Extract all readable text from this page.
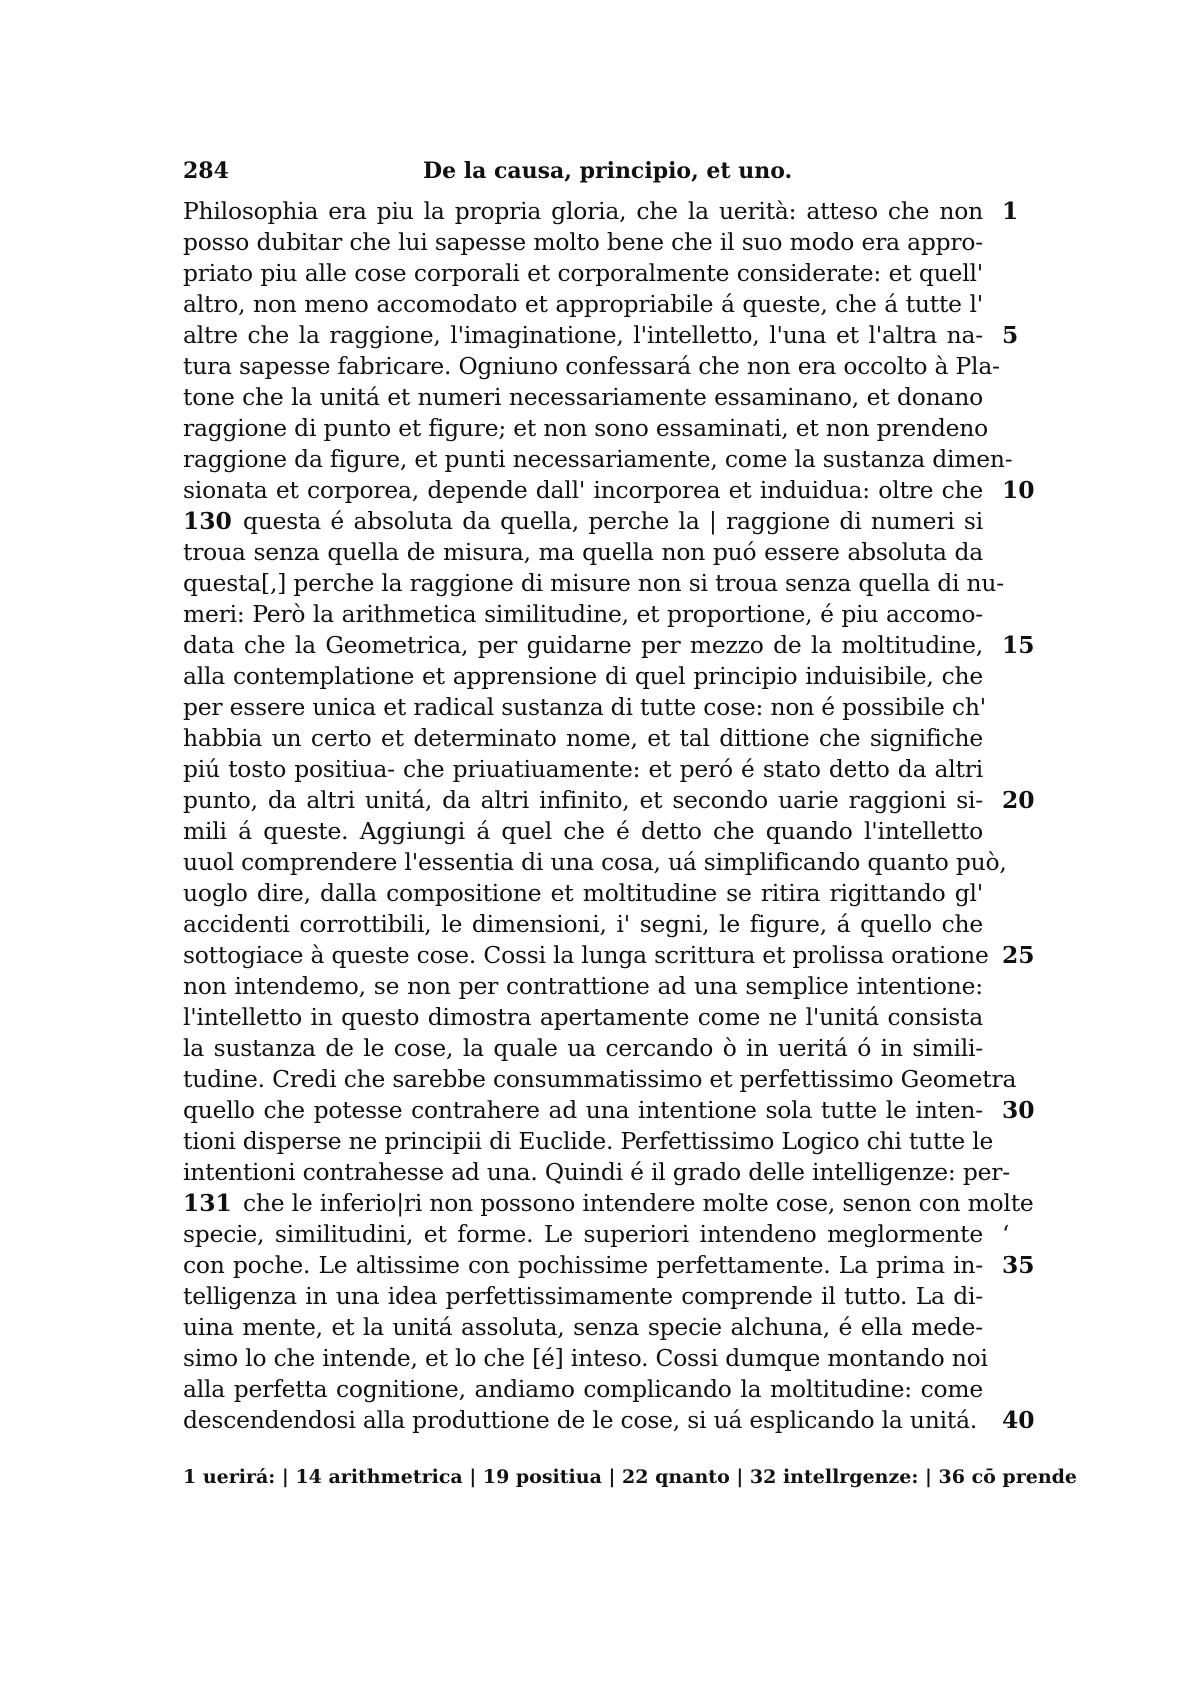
284	De la causa, principio, et uno.
Philosophia era piu la propria gloria, che la uerità: atteso che non
posso dubitar che lui sapesse molto bene che il suo modo era appro-
priato piu alle cose corporali et corporalmente considerate: et quell'
altro, non meno accomodato et appropriabile á queste, che á tutte l'
altre che la raggione, l'imaginatione, l'intelletto, l'una et l'altra na-
tura sapesse fabricare. Ogniuno confessará che non era occolto à Pla-
tone che la unitá et numeri necessariamente essaminano, et donano
raggione di punto et figure; et non sono essaminati, et non prendeno
raggione da figure, et punti necessariamente, come la sustanza dimen-
sionata et corporea, depende dall' incorporea et induidua: oltre che
questa é absoluta da quella, perche la | raggione di numeri si
troua senza quella de misura, ma quella non puó essere absoluta da
questa[,] perche la raggione di misure non si troua senza quella di nu-
meri: Però la arithmetica similitudine, et proportione, é piu accomo-
data che la Geometrica, per guidarne per mezzo de la moltitudine,
alla contemplatione et apprensione di quel principio induisibile, che
per essere unica et radical sustanza di tutte cose: non é possibile ch'
habbia un certo et determinato nome, et tal dittione che significhe
piú tosto positiua- che priuatiuamente: et peró é stato detto da altri
punto, da altri unitá, da altri infinito, et secondo uarie raggioni si-
mili á queste. Aggiungi á quel che é detto che quando l'intelletto
uuol comprendere l'essentia di una cosa, uá simplificando quanto può,
uoglo dire, dalla compositione et moltitudine se ritira rigittando gl'
accidenti corrottibili, le dimensioni, i' segni, le figure, á quello che
sottogiace à queste cose. Cossi la lunga scrittura et prolissa oratione
non intendemo, se non per contrattione ad una semplice intentione:
l'intelletto in questo dimostra apertamente come ne l'unitá consista
la sustanza de le cose, la quale ua cercando ò in ueritá ó in simili-
tudine. Credi che sarebbe consummatissimo et perfettissimo Geometra
quello che potesse contrahere ad una intentione sola tutte le inten-
tioni disperse ne principii di Euclide. Perfettissimo Logico chi tutte le
intentioni contrahesse ad una. Quindi é il grado delle intelligenze: per-
che le inferio|ri non possono intendere molte cose, senon con molte
specie, similitudini, et forme. Le superiori intendeno meglormente
con poche. Le altissime con pochissime perfettamente. La prima in-
telligenza in una idea perfettissimamente comprende il tutto. La di-
uina mente, et la unitá assoluta, senza specie alchuna, é ella mede-
simo lo che intende, et lo che [é] inteso. Cossi dumque montando noi
alla perfetta cognitione, andiamo complicando la moltitudine: come
descendendosi alla produttione de le cose, si uá esplicando la unitá.
1
5
10
15
20
25
30
35
40
‘
130
131
1 uerirá: | 14 arithmetrica | 19 positiua | 22 qnanto | 32 intellrgenze: | 36 cō prende
